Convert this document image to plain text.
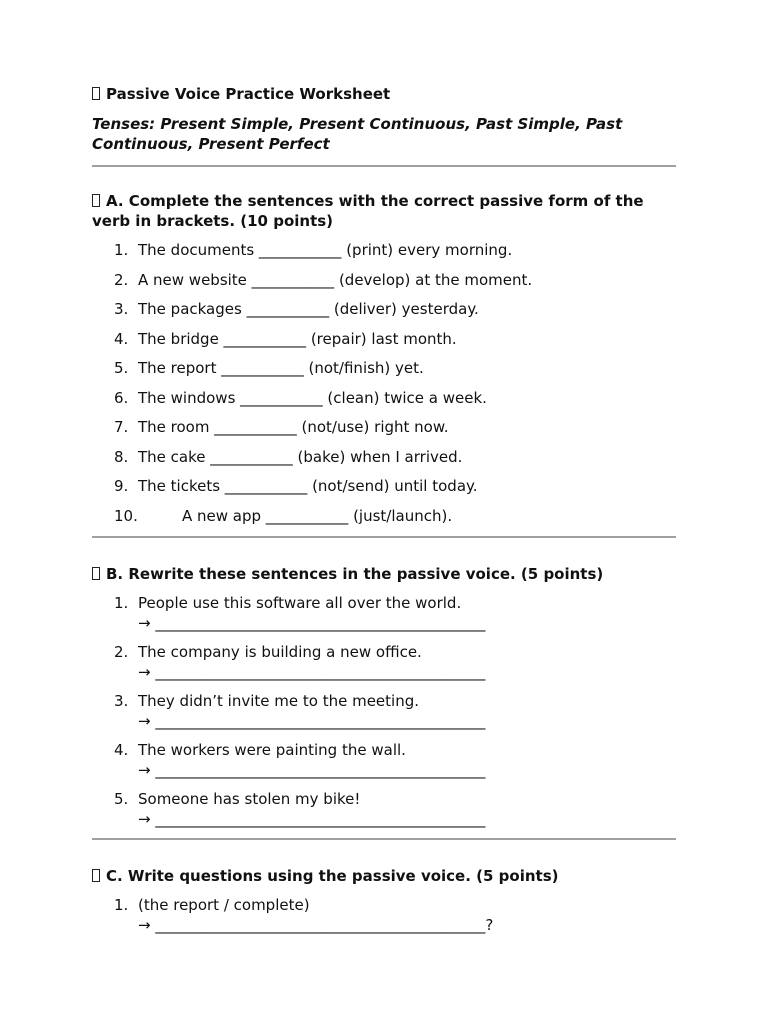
Passive Voice Practice Worksheet

Tenses: Present Simple, Present Continuous, Past Simple, Past Continuous, Present Perfect

A. Complete the sentences with the correct passive form of the verb in brackets. (10 points)

1. The documents ___________ (print) every morning.
2. A new website ___________ (develop) at the moment.
3. The packages ___________ (deliver) yesterday.
4. The bridge ___________ (repair) last month.
5. The report ___________ (not/finish) yet.
6. The windows ___________ (clean) twice a week.
7. The room ___________ (not/use) right now.
8. The cake ___________ (bake) when I arrived.
9. The tickets ___________ (not/send) until today.
10.	A new app ___________ (just/launch).

B. Rewrite these sentences in the passive voice. (5 points)

1. People use this software all over the world.
→ ____________________________________________
2. The company is building a new office.
→ ____________________________________________
3. They didn’t invite me to the meeting.
→ ____________________________________________
4. The workers were painting the wall.
→ ____________________________________________
5. Someone has stolen my bike!
→ ____________________________________________

C. Write questions using the passive voice. (5 points)

1. (the report / complete)
→ ____________________________________________?
